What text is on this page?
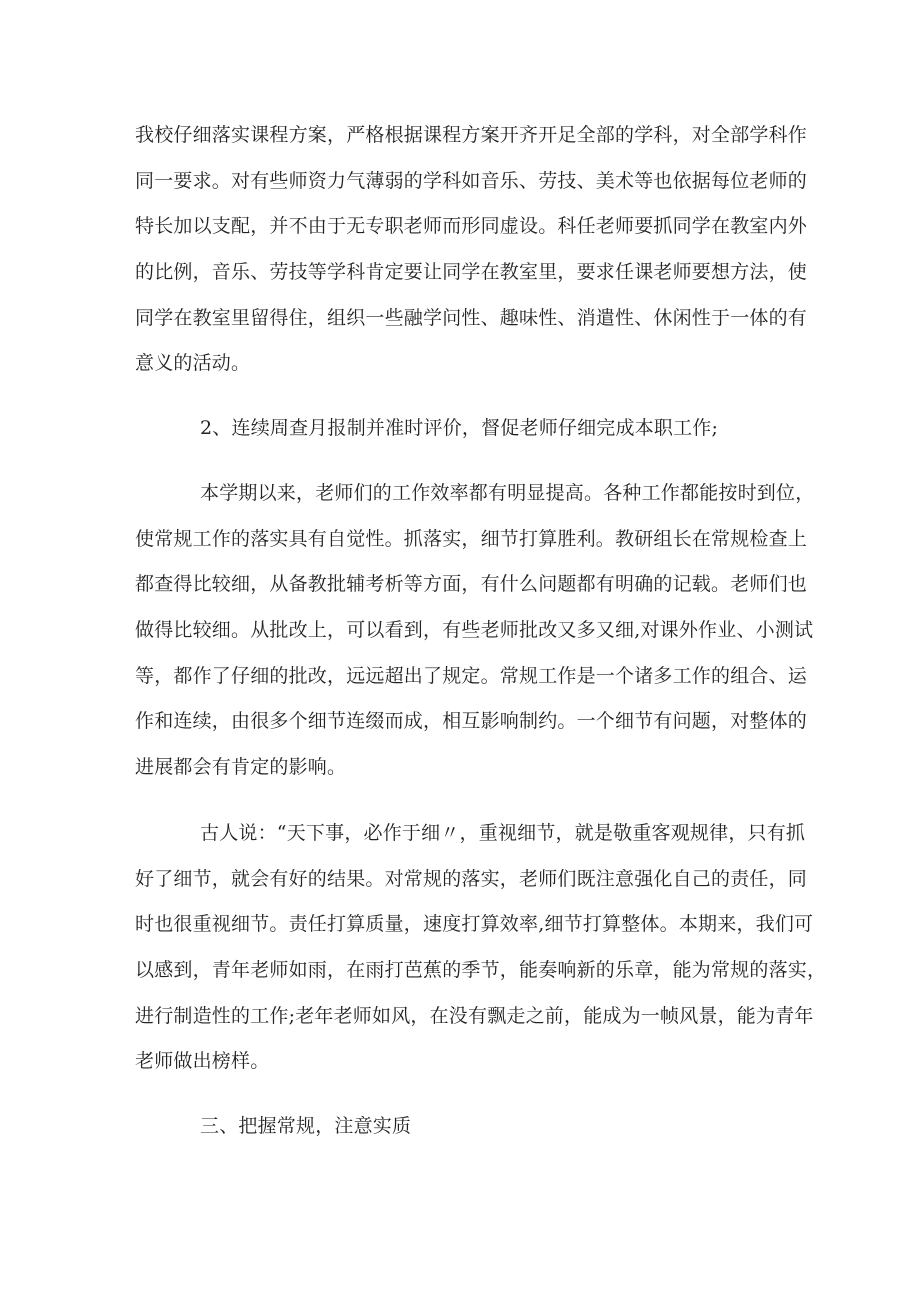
我校仔细落实课程方案，严格根据课程方案开齐开足全部的学科，对全部学科作
同一要求。对有些师资力气薄弱的学科如音乐、劳技、美术等也依据每位老师的
特长加以支配，并不由于无专职老师而形同虚设。科任老师要抓同学在教室内外
的比例，音乐、劳技等学科肯定要让同学在教室里，要求任课老师要想方法，使
同学在教室里留得住，组织一些融学问性、趣味性、消遣性、休闲性于一体的有
意义的活动。
2、连续周查月报制并准时评价，督促老师仔细完成本职工作;
本学期以来，老师们的工作效率都有明显提高。各种工作都能按时到位，
使常规工作的落实具有自觉性。抓落实，细节打算胜利。教研组长在常规检查上
都查得比较细，从备教批辅考析等方面，有什么问题都有明确的记载。老师们也
做得比较细。从批改上，可以看到，有些老师批改又多又细,对课外作业、小测试
等，都作了仔细的批改，远远超出了规定。常规工作是一个诸多工作的组合、运
作和连续，由很多个细节连缀而成，相互影响制约。一个细节有问题，对整体的
进展都会有肯定的影响。
古人说：“天下事，必作于细〃，重视细节，就是敬重客观规律，只有抓
好了细节，就会有好的结果。对常规的落实，老师们既注意强化自己的责任，同
时也很重视细节。责任打算质量，速度打算效率,细节打算整体。本期来，我们可
以感到，青年老师如雨，在雨打芭蕉的季节，能奏响新的乐章，能为常规的落实，
进行制造性的工作;老年老师如风，在没有飘走之前，能成为一帧风景，能为青年
老师做出榜样。
三、把握常规，注意实质
